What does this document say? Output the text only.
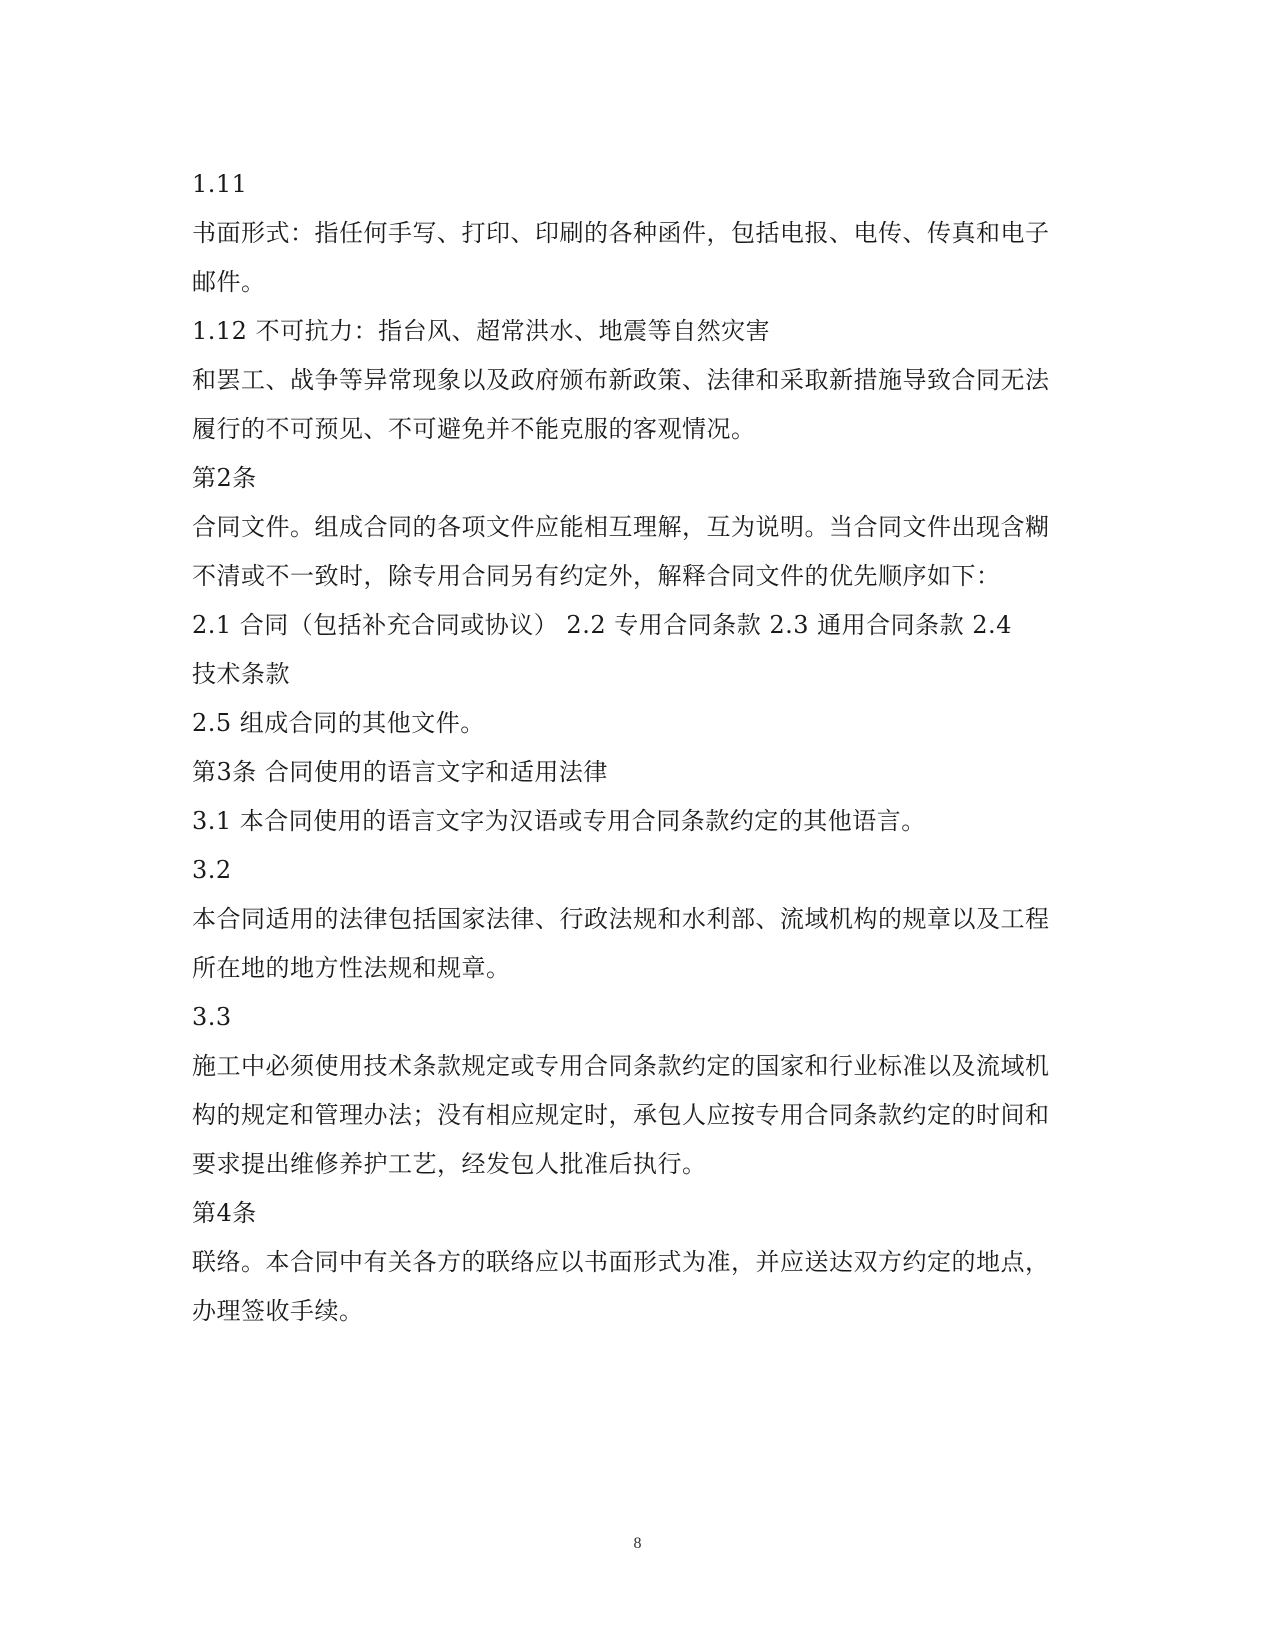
1.11
书面形式：指任何手写、打印、印刷的各种函件，包括电报、电传、传真和电子
邮件。
1.12 不可抗力：指台风、超常洪水、地震等自然灾害
和罢工、战争等异常现象以及政府颁布新政策、法律和采取新措施导致合同无法
履行的不可预见、不可避免并不能克服的客观情况。
第2条
合同文件。组成合同的各项文件应能相互理解，互为说明。当合同文件出现含糊
不清或不一致时，除专用合同另有约定外，解释合同文件的优先顺序如下：
2.1 合同（包括补充合同或协议） 2.2 专用合同条款 2.3 通用合同条款 2.4
技术条款
2.5 组成合同的其他文件。
第3条 合同使用的语言文字和适用法律
3.1 本合同使用的语言文字为汉语或专用合同条款约定的其他语言。
3.2
本合同适用的法律包括国家法律、行政法规和水利部、流域机构的规章以及工程
所在地的地方性法规和规章。
3.3
施工中必须使用技术条款规定或专用合同条款约定的国家和行业标准以及流域机
构的规定和管理办法；没有相应规定时，承包人应按专用合同条款约定的时间和
要求提出维修养护工艺，经发包人批准后执行。
第4条
联络。本合同中有关各方的联络应以书面形式为准，并应送达双方约定的地点，
办理签收手续。
8
